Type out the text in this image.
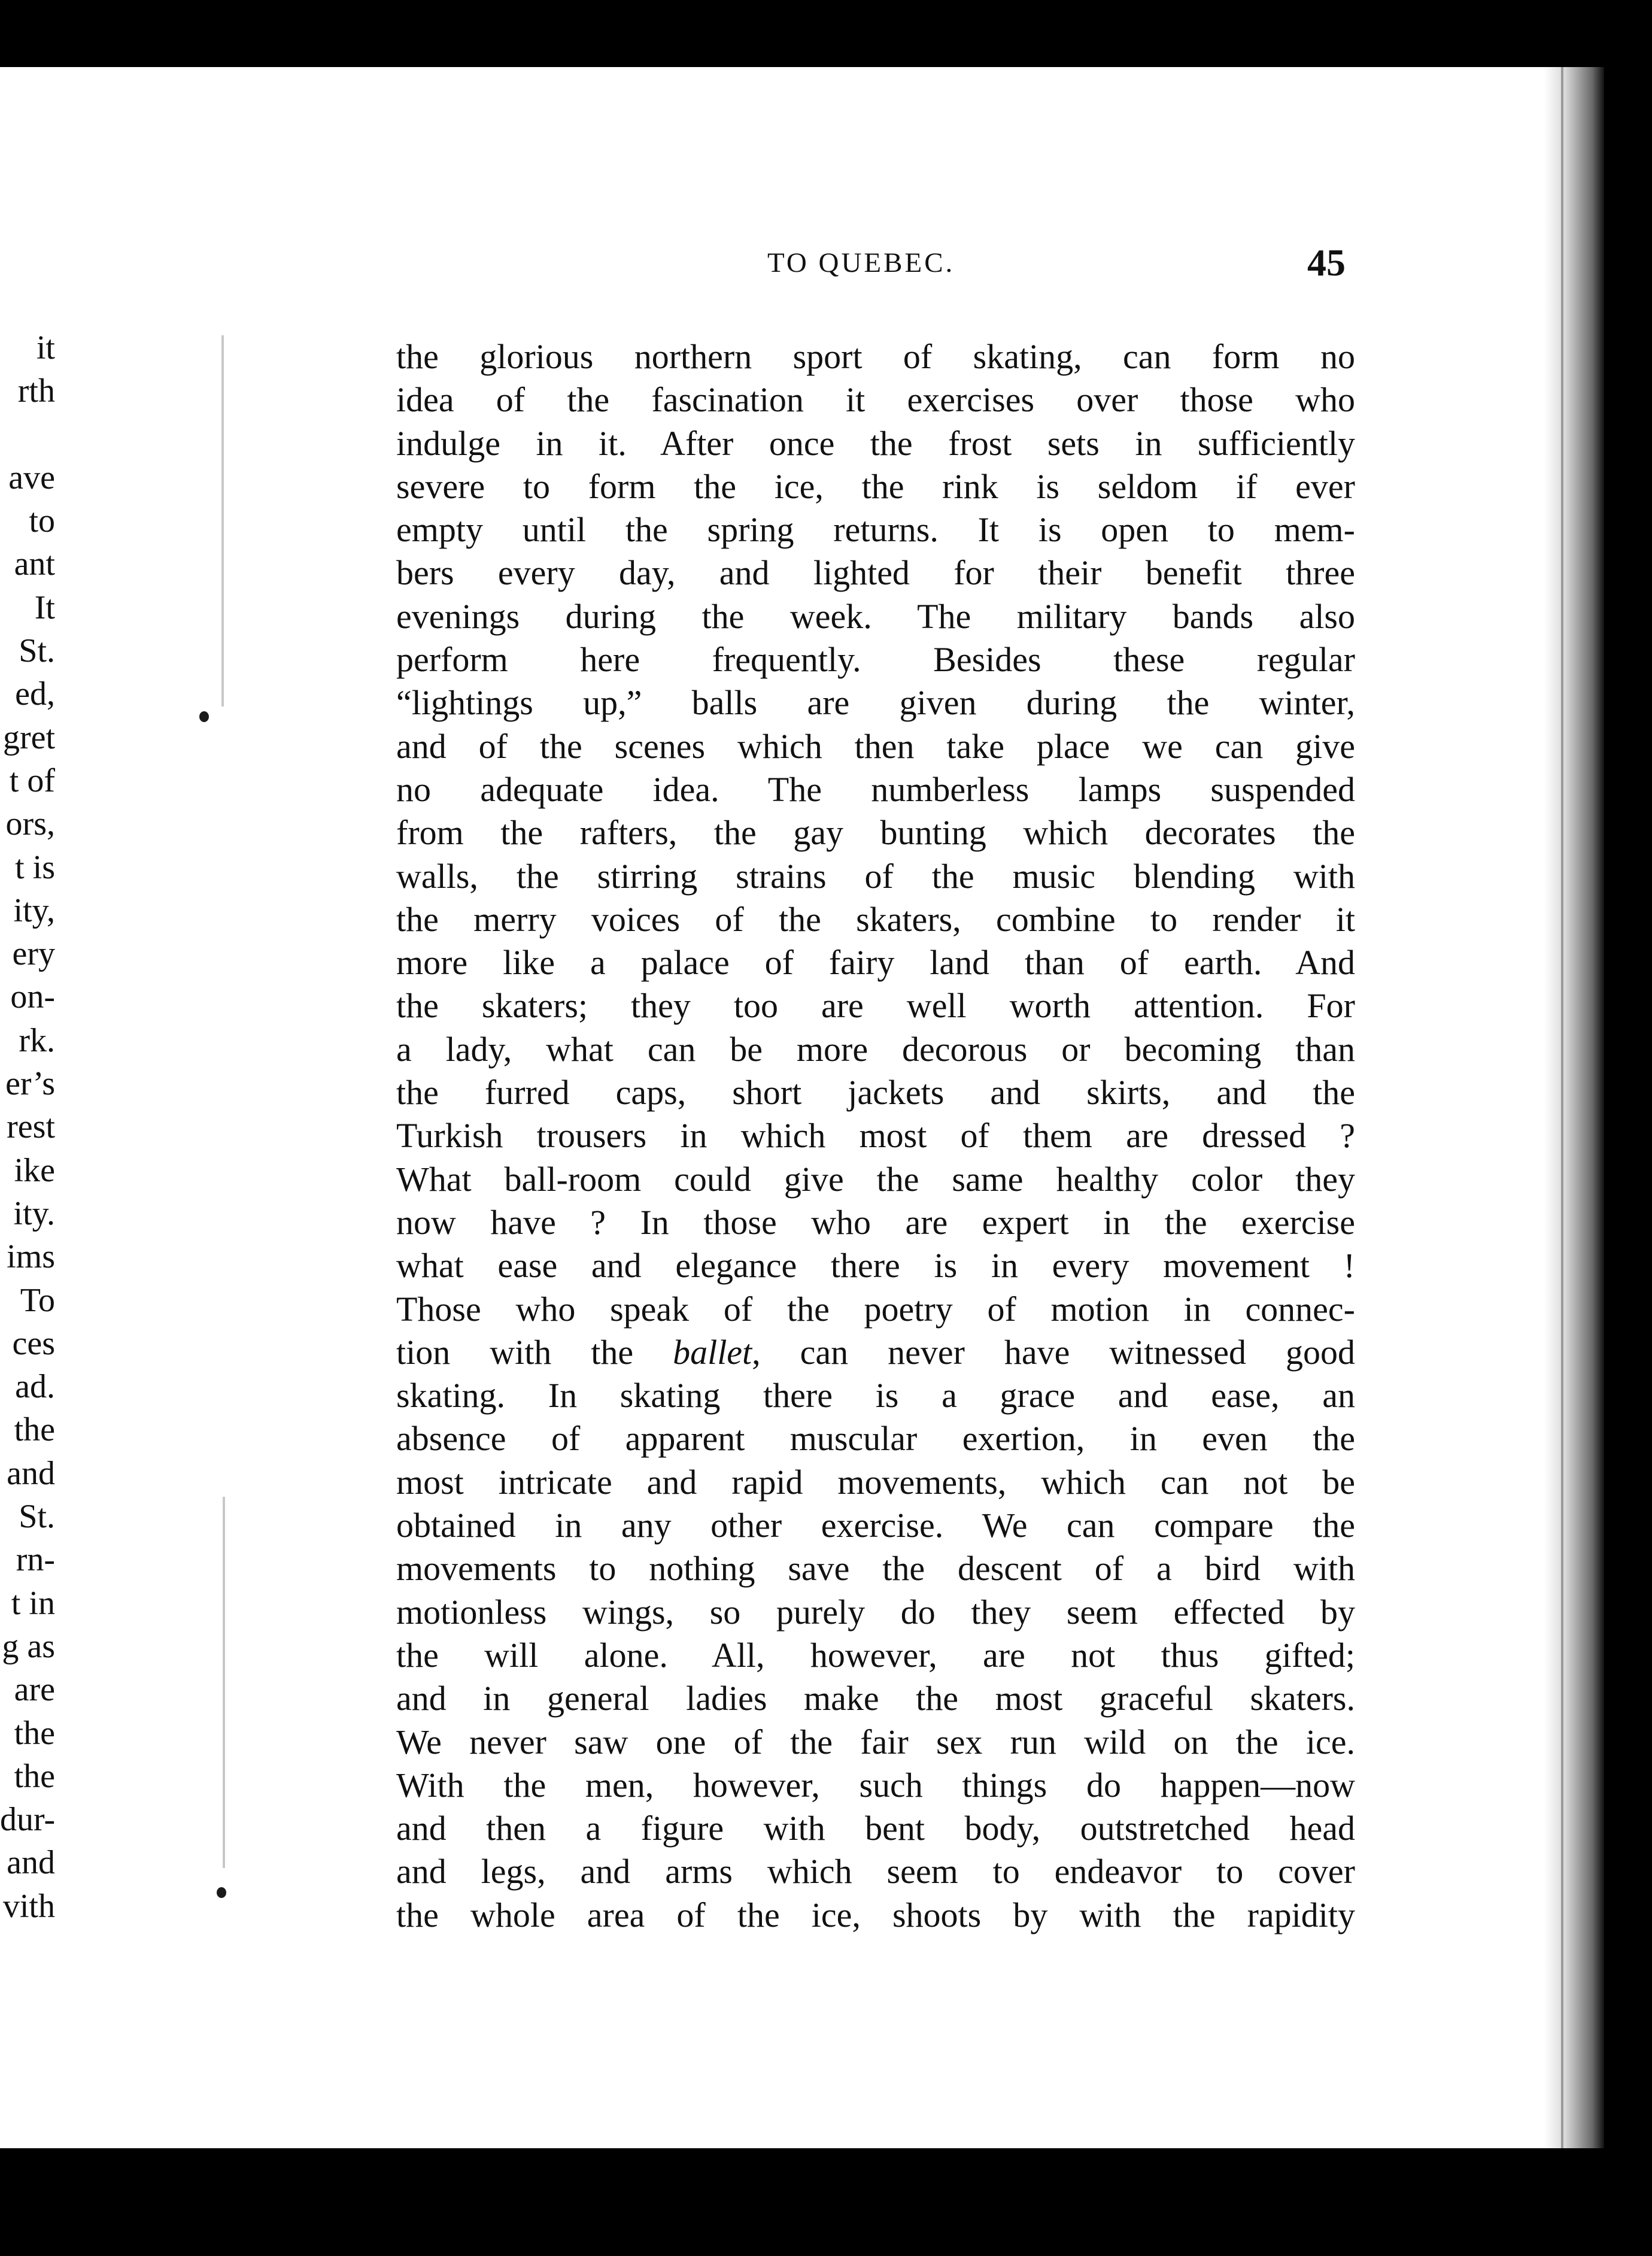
it
rth
ave
to
ant
It
St.
ed,
gret
t of
ors,
t is
ity,
ery
on-
rk.
er’s
rest
ike
ity.
ims
To
ces
ad.
the
and
St.
rn-
t in
g as
are
the
the
dur-
and
vith
TO QUEBEC.	45
the glorious northern sport of skating, can form no
idea of the fascination it exercises over those who
indulge in it. After once the frost sets in sufficiently
severe to form the ice, the rink is seldom if ever
empty until the spring returns. It is open to mem-
bers every day, and lighted for their benefit three
evenings during the week. The military bands also
perform here frequently. Besides these regular
“lightings up,” balls are given during the winter,
and of the scenes which then take place we can give
no adequate idea. The numberless lamps suspended
from the rafters, the gay bunting which decorates the
walls, the stirring strains of the music blending with
the merry voices of the skaters, combine to render it
more like a palace of fairy land than of earth. And
the skaters; they too are well worth attention. For
a lady, what can be more decorous or becoming than
the furred caps, short jackets and skirts, and the
Turkish trousers in which most of them are dressed ?
What ball-room could give the same healthy color they
now have ? In those who are expert in the exercise
what ease and elegance there is in every movement !
Those who speak of the poetry of motion in connec-
tion with the ballet, can never have witnessed good
skating. In skating there is a grace and ease, an
absence of apparent muscular exertion, in even the
most intricate and rapid movements, which can not be
obtained in any other exercise. We can compare the
movements to nothing save the descent of a bird with
motionless wings, so purely do they seem effected by
the will alone. All, however, are not thus gifted;
and in general ladies make the most graceful skaters.
We never saw one of the fair sex run wild on the ice.
With the men, however, such things do happen—now
and then a figure with bent body, outstretched head
and legs, and arms which seem to endeavor to cover
the whole area of the ice, shoots by with the rapidity
